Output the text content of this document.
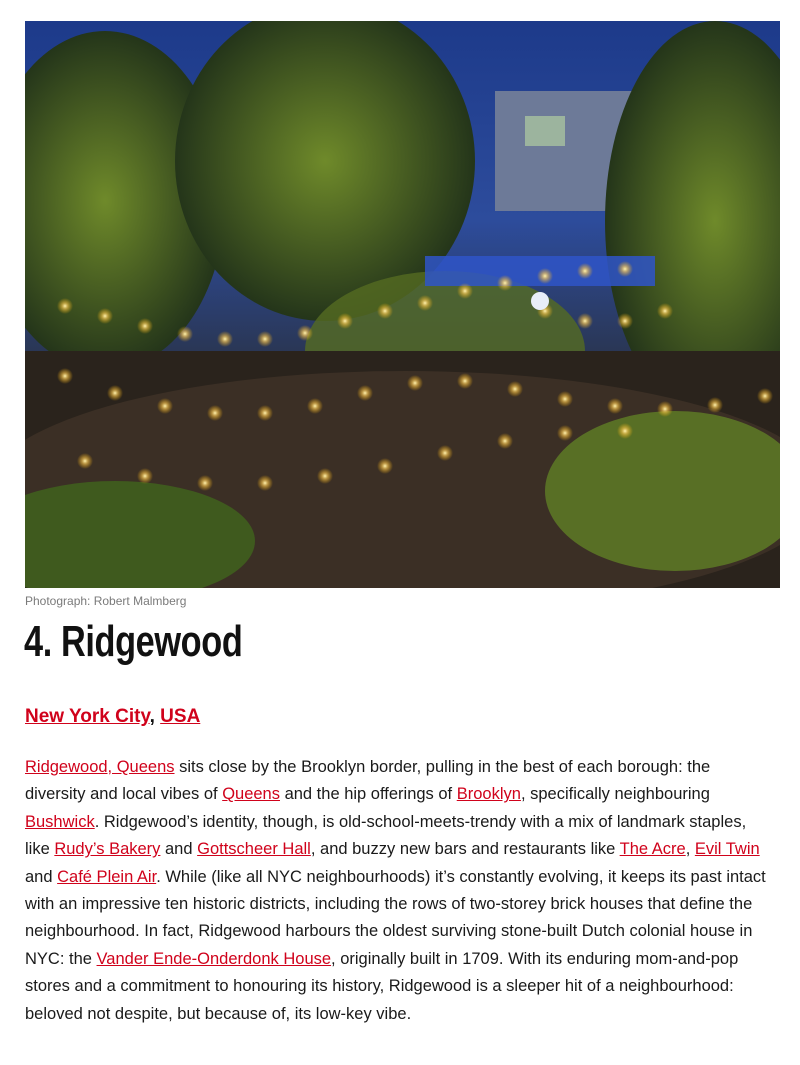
Photograph: Robert Malmberg
4. Ridgewood
New York City, USA

Ridgewood, Queens sits close by the Brooklyn border, pulling in the best of each borough: the diversity and local vibes of Queens and the hip offerings of Brooklyn, specifically neighbouring Bushwick. Ridgewood’s identity, though, is old-school-meets-trendy with a mix of landmark staples, like Rudy’s Bakery and Gottscheer Hall, and buzzy new bars and restaurants like The Acre, Evil Twin and Café Plein Air. While (like all NYC neighbourhoods) it’s constantly evolving, it keeps its past intact with an impressive ten historic districts, including the rows of two-storey brick houses that define the neighbourhood. In fact, Ridgewood harbours the oldest surviving stone-built Dutch colonial house in NYC: the Vander Ende-Onderdonk House, originally built in 1709. With its enduring mom-and-pop stores and a commitment to honouring its history, Ridgewood is a sleeper hit of a neighbourhood: beloved not despite, but because of, its low-key vibe.
